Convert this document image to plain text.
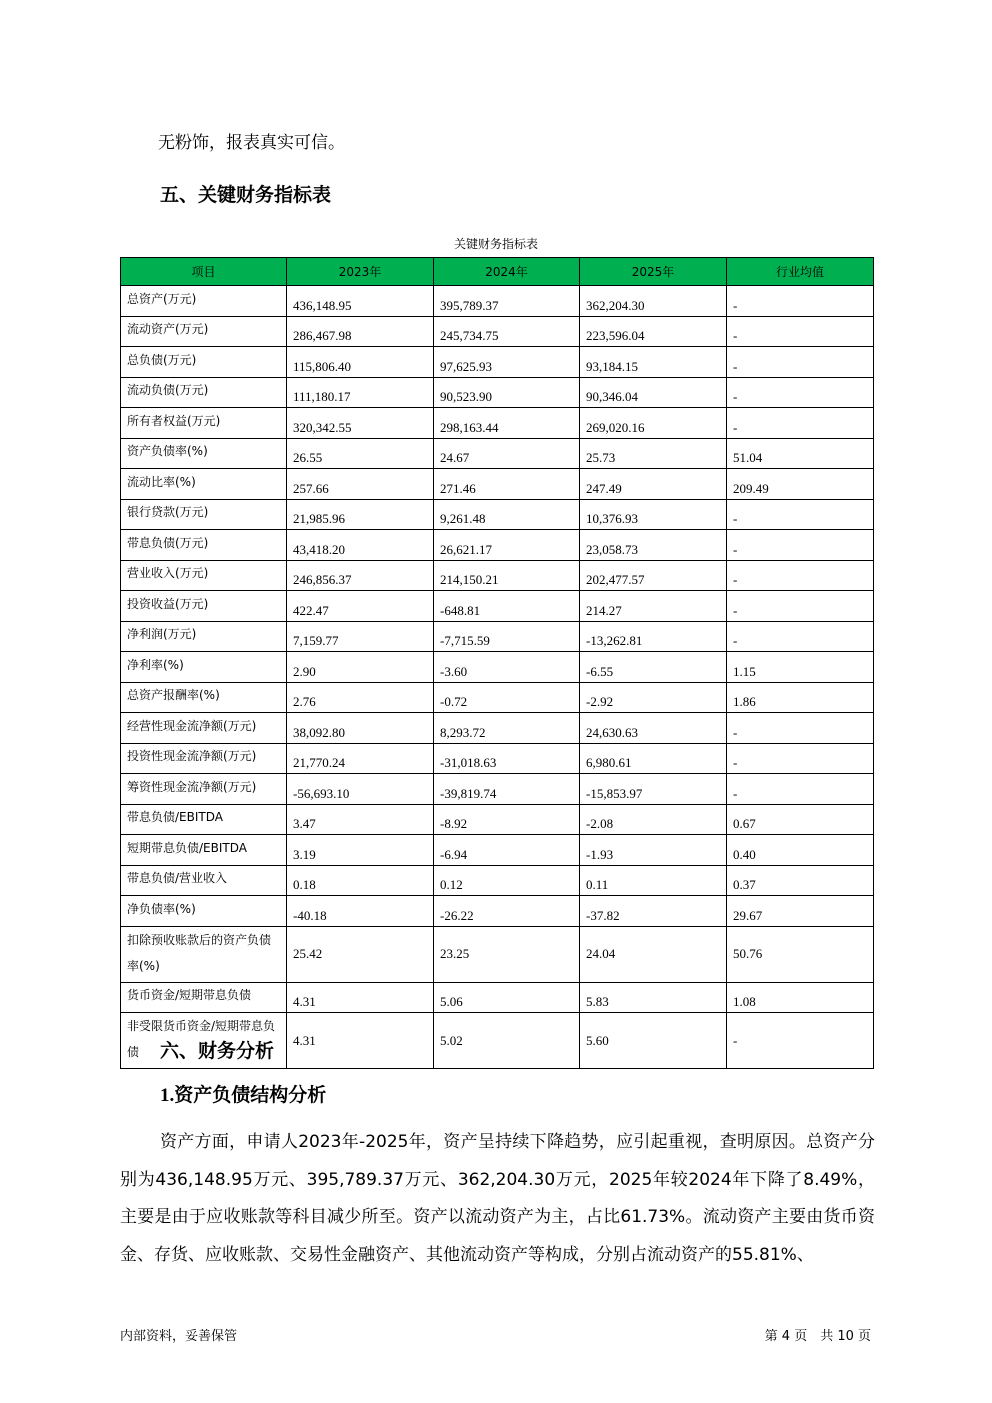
无粉饰，报表真实可信。
五、关键财务指标表
关键财务指标表
项目	2023年	2024年	2025年	行业均值
总资产(万元)	436,148.95	395,789.37	362,204.30	-
流动资产(万元)	286,467.98	245,734.75	223,596.04	-
总负债(万元)	115,806.40	97,625.93	93,184.15	-
流动负债(万元)	111,180.17	90,523.90	90,346.04	-
所有者权益(万元)	320,342.55	298,163.44	269,020.16	-
资产负债率(%)	26.55	24.67	25.73	51.04
流动比率(%)	257.66	271.46	247.49	209.49
银行贷款(万元)	21,985.96	9,261.48	10,376.93	-
带息负债(万元)	43,418.20	26,621.17	23,058.73	-
营业收入(万元)	246,856.37	214,150.21	202,477.57	-
投资收益(万元)	422.47	-648.81	214.27	-
净利润(万元)	7,159.77	-7,715.59	-13,262.81	-
净利率(%)	2.90	-3.60	-6.55	1.15
总资产报酬率(%)	2.76	-0.72	-2.92	1.86
经营性现金流净额(万元)	38,092.80	8,293.72	24,630.63	-
投资性现金流净额(万元)	21,770.24	-31,018.63	6,980.61	-
筹资性现金流净额(万元)	-56,693.10	-39,819.74	-15,853.97	-
带息负债/EBITDA	3.47	-8.92	-2.08	0.67
短期带息负债/EBITDA	3.19	-6.94	-1.93	0.40
带息负债/营业收入	0.18	0.12	0.11	0.37
净负债率(%)	-40.18	-26.22	-37.82	29.67
扣除预收账款后的资产负债率(%)	25.42	23.25	24.04	50.76
货币资金/短期带息负债	4.31	5.06	5.83	1.08
非受限货币资金/短期带息负债	4.31	5.02	5.60	-
六、财务分析
1.资产负债结构分析
资产方面，申请人2023年-2025年，资产呈持续下降趋势，应引起重视，查明原因。总资产分别为436,148.95万元、395,789.37万元、362,204.30万元，2025年较2024年下降了8.49%，主要是由于应收账款等科目减少所至。资产以流动资产为主，占比61.73%。流动资产主要由货币资金、存货、应收账款、交易性金融资产、其他流动资产等构成，分别占流动资产的55.81%、
内部资料，妥善保管	第 4 页　共 10 页
